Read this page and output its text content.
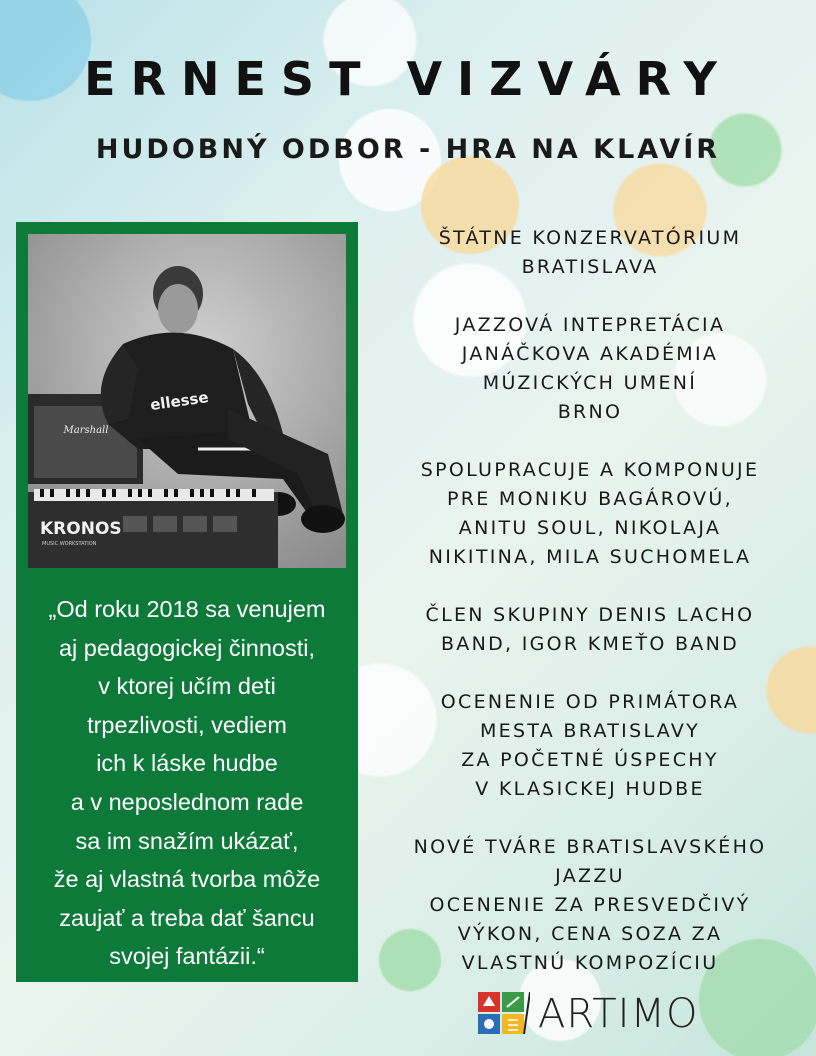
ERNEST VIZVÁRY
HUDOBNÝ ODBOR - HRA NA KLAVÍR
Marshall
ellesse
KRONOS
MUSIC WORKSTATION

„Od roku 2018 sa venujem
aj pedagogickej činnosti,
v ktorej učím deti
trpezlivosti, vediem
ich k láske hudbe
a v neposlednom rade
sa im snažím ukázať,
že aj vlastná tvorba môže
zaujať a treba dať šancu
svojej fantázii.“

ŠTÁTNE KONZERVATÓRIUM
BRATISLAVA
JAZZOVÁ INTEPRETÁCIA
JANÁČKOVA AKADÉMIA
MÚZICKÝCH UMENÍ
BRNO
SPOLUPRACUJE A KOMPONUJE
PRE MONIKU BAGÁROVÚ,
ANITU SOUL, NIKOLAJA
NIKITINA, MILA SUCHOMELA
ČLEN SKUPINY DENIS LACHO
BAND, IGOR KMEŤO BAND
OCENENIE OD PRIMÁTORA
MESTA BRATISLAVY
ZA POČETNÉ ÚSPECHY
V KLASICKEJ HUDBE
NOVÉ TVÁRE BRATISLAVSKÉHO
JAZZU
OCENENIE ZA PRESVEDČIVÝ
VÝKON, CENA SOZA ZA
VLASTNÚ KOMPOZÍCIU
ARTIMO
